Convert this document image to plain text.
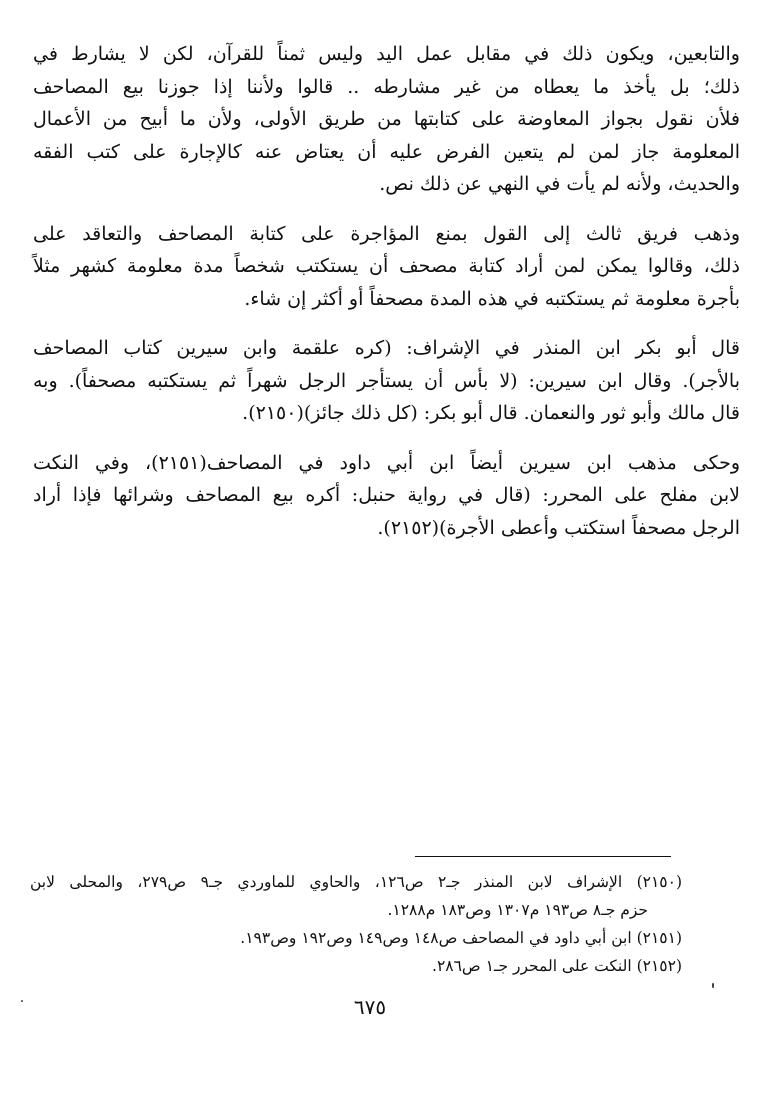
والتابعين، ويكون ذلك في مقابل عمل اليد وليس ثمناً للقرآن، لكن لا يشارط في
ذلك؛ بل يأخذ ما يعطاه من غير مشارطه .. قالوا ولأننا إذا جوزنا بيع المصاحف
فلأن نقول بجواز المعاوضة على كتابتها من طريق الأولى، ولأن ما أبيح من الأعمال
المعلومة جاز لمن لم يتعين الفرض عليه أن يعتاض عنه كالإجارة على كتب الفقه
والحديث، ولأنه لم يأت في النهي عن ذلك نص.

وذهب فريق ثالث إلى القول بمنع المؤاجرة على كتابة المصاحف والتعاقد على
ذلك، وقالوا يمكن لمن أراد كتابة مصحف أن يستكتب شخصاً مدة معلومة كشهر مثلاً
بأجرة معلومة ثم يستكتبه في هذه المدة مصحفاً أو أكثر إن شاء.

قال أبو بكر ابن المنذر في الإشراف: (كره علقمة وابن سيرين كتاب المصاحف
بالأجر). وقال ابن سيرين: (لا بأس أن يستأجر الرجل شهراً ثم يستكتبه مصحفاً). وبه
قال مالك وأبو ثور والنعمان. قال أبو بكر: (كل ذلك جائز)(٢١٥٠).

وحكى مذهب ابن سيرين أيضاً ابن أبي داود في المصاحف(٢١٥١)، وفي النكت
لابن مفلح على المحرر: (قال في رواية حنبل: أكره بيع المصاحف وشرائها فإذا أراد
الرجل مصحفاً استكتب وأعطى الأجرة)(٢١٥٢).

(٢١٥٠) الإشراف لابن المنذر جـ٢ ص١٢٦، والحاوي للماوردي جـ٩ ص٢٧٩، والمحلى لابن
حزم جـ٨ ص١٩٣ م١٣٠٧ وص١٨٣ م١٢٨٨.

(٢١٥١) ابن أبي داود في المصاحف ص١٤٨ وص١٤٩ وص١٩٢ وص١٩٣.

(٢١٥٢) النكت على المحرر جـ١ ص٢٨٦.

٦٧٥
